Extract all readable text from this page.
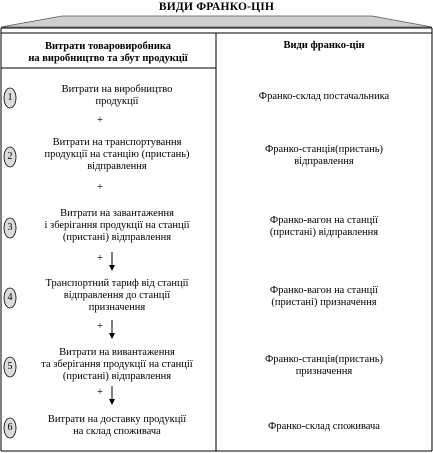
ВИДИ ФРАНКО-ЦІН
Витрати товаровиробника
на виробництво та збут продукції
Види франко-цін
Витрати на виробництво
продукції	Франко-склад постачальника
1
Витрати на транспортування
продукції на станцію (пристань)
відправлення
Франко-станція(пристань)
відправлення
2
Витрати на завантаження
і зберігання продукції на станції
(пристані) відправлення
Франко-вагон на станції
(пристані) відправлення
3
Транспортний тариф від станції
відправлення до станції
призначення
Франко-вагон на станції
(пристані) призначення
4
Витрати на вивантаження
та зберігання продукції на станції
(пристані) відправлення
Франко-станція(пристань)
призначення
5
Витрати на доставку продукції
на склад споживача	Франко-склад споживача
6
+
+
+
+
+
